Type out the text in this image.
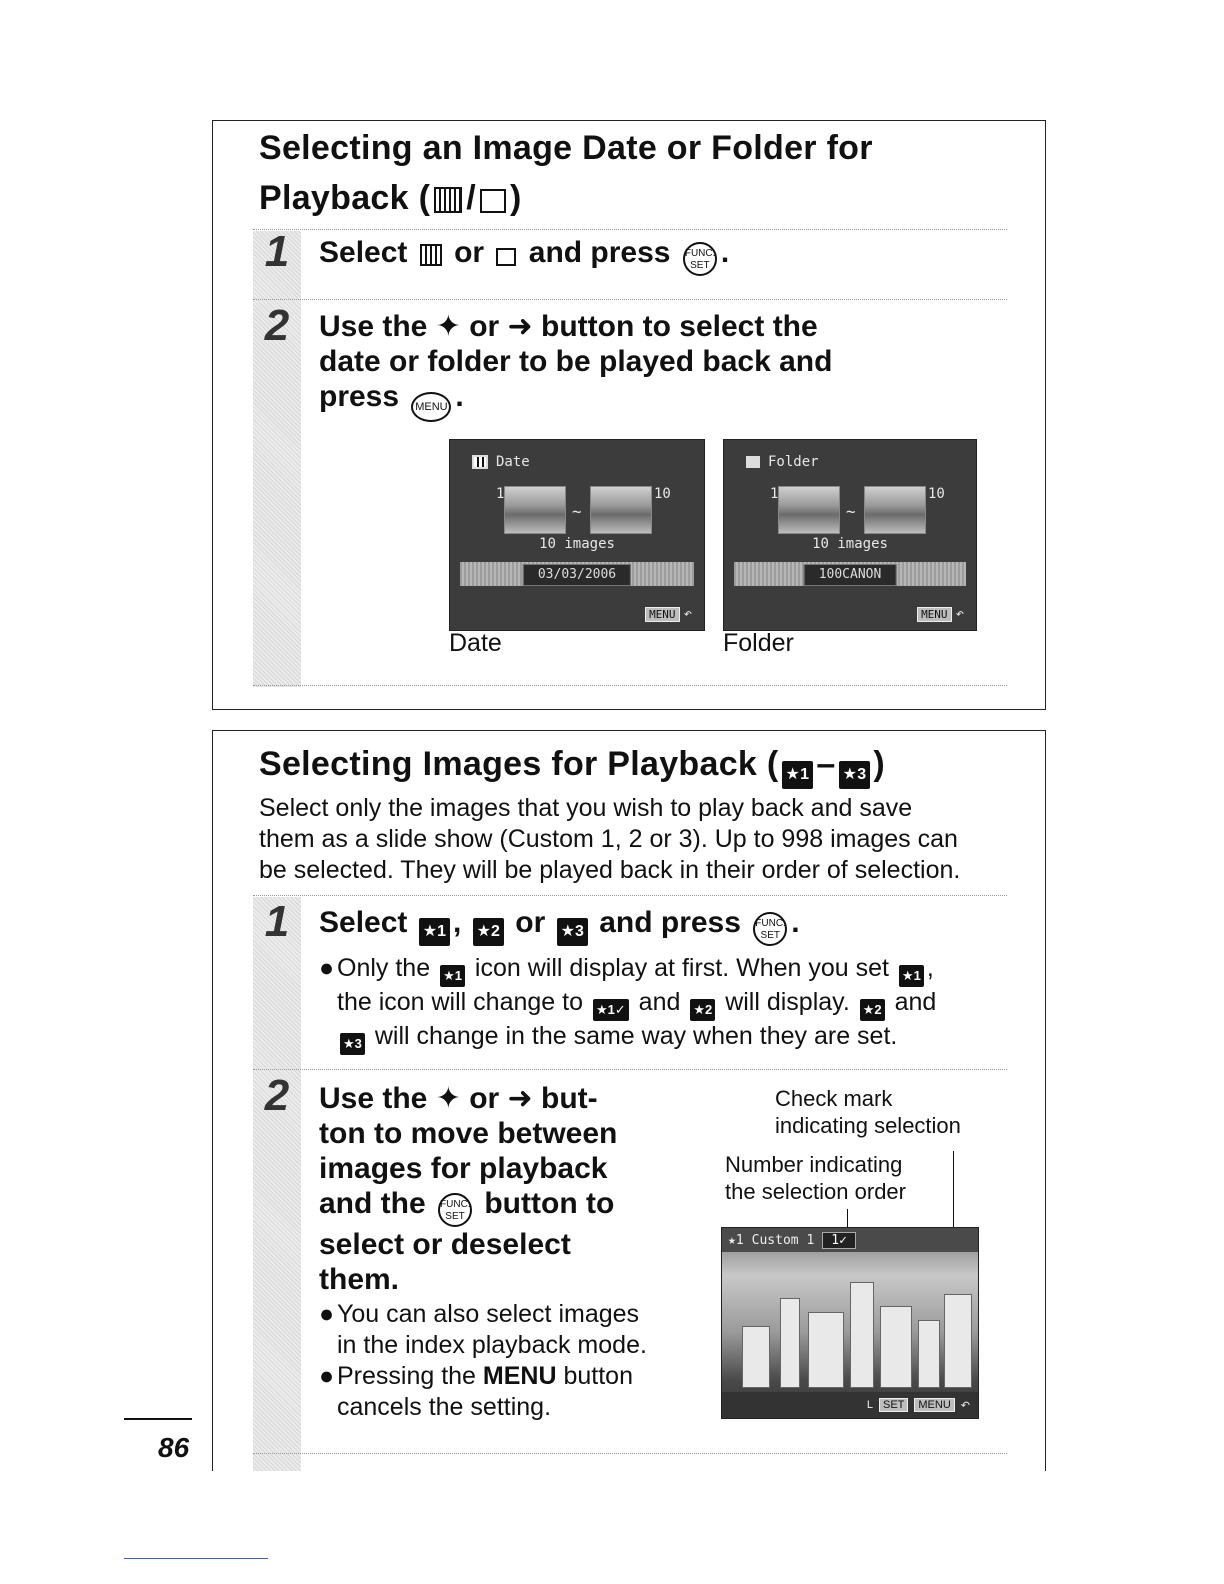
Selecting an Image Date or Folder for
Playback ( / )
1 Select or and press FUNC. SET .
2 Use the ✦ or ➜ button to select the
date or folder to be played back and
press MENU .
Date
1
~
10
10 images
03/03/2006
MENU ↶
Date
Folder
1
~
10
10 images
100CANON
MENU ↶
Folder
Selecting Images for Playback ( ★1 – ★3 )
Select only the images that you wish to play back and save
them as a slide show (Custom 1, 2 or 3). Up to 998 images can
be selected. They will be played back in their order of selection.
1 Select ★1 , ★2 or ★3 and press FUNC. SET .
● Only the ★1 icon will display at first. When you set ★1 ,
the icon will change to ★1✓ and ★2 will display. ★2 and
★3 will change in the same way when they are set.
2 Use the ✦ or ➜ but-
ton to move between
images for playback
and the FUNC. SET button to
select or deselect
them.
● You can also select images
in the index playback mode.
● Pressing the MENU button
cancels the setting.
Check mark
indicating selection
Number indicating
the selection order
★1 Custom 1	1✓
L SET	MENU ↶
86
